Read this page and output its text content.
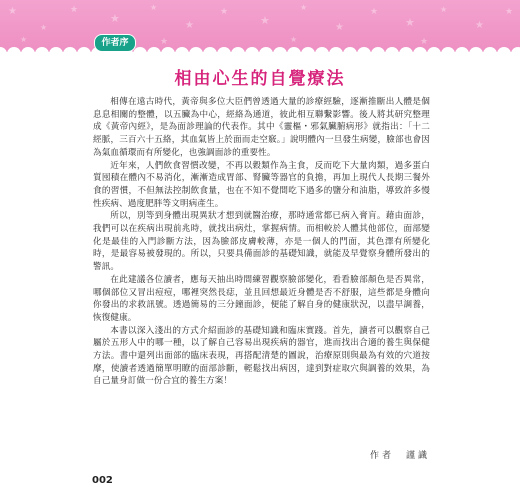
★
★
★
★
★
★
★
★
★
★
★
★
★
★
★
★	★	★	★
作者序
相由心生的自覺療法

相傳在遠古時代，黃帝與多位大臣們曾透過大量的診療經驗，逐漸推斷出人體是個息息相關的整體，以五臟為中心，經絡為通道，彼此相互聯繫影響。後人將其研究整理成《黃帝內經》，是為面診理論的代表作。其中《靈樞・邪氣臟腑病形》就指出：「十二經脈，三百六十五絡，其血氣皆上於面而走空竅。」說明體內一旦發生病變，臉部也會因為氣血循環而有所變化，也強調面診的重要性。

近年來，人們飲食習慣改變，不再以穀類作為主食，反而吃下大量肉類，過多蛋白質囤積在體內不易消化，漸漸造成胃部、腎臟等器官的負擔，再加上現代人長期三餐外食的習慣，不但無法控制飲食量，也在不知不覺間吃下過多的鹽分和油脂，導致許多慢性疾病、過度肥胖等文明病產生。

所以，別等到身體出現異狀才想到就醫治療，那時通常都已病入膏肓。藉由面診，我們可以在疾病出現前兆時，就找出病灶，掌握病情。而相較於人體其他部位，面部變化是最佳的入門診斷方法，因為臉部皮膚較薄，亦是一個人的門面，其色澤有所變化時，是最容易被發現的。所以，只要具備面診的基礎知識，就能及早覺察身體所發出的警訊。

在此建議各位讀者，應每天抽出時間練習觀察臉部變化，看看臉部顏色是否異常，哪個部位又冒出痘痘，哪裡突然長痣，並且回想最近身體是否不舒服，這些都是身體向你發出的求救訊號。透過簡易的三分鐘面診，便能了解自身的健康狀況，以盡早調養，恢復健康。

本書以深入淺出的方式介紹面診的基礎知識和臨床實踐。首先，讀者可以觀察自己屬於五形人中的哪一種，以了解自己容易出現疾病的器官，進而找出合適的養生與保健方法。書中還列出面部的臨床表現，再搭配清楚的圖說，治療原則與最為有效的穴道按摩，使讀者透過簡單明瞭的面部診斷，輕鬆找出病因，達到對症取穴與調養的效果，為自己量身訂做一份合宜的養生方案！

作者　謹識
002
